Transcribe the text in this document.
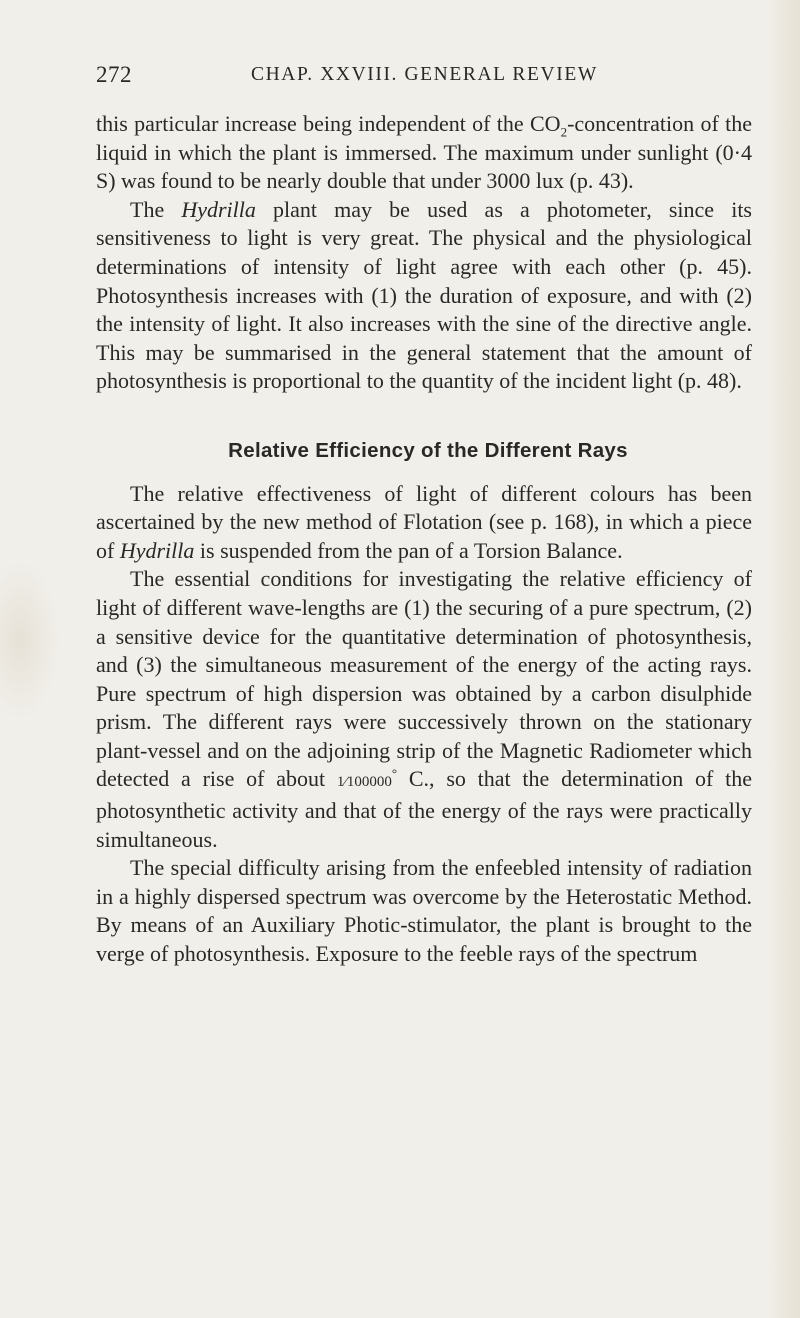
272	CHAP. XXVIII. GENERAL REVIEW

this particular increase being independent of the $CO_2$-concentration of the liquid in which the plant is immersed. The maximum under sunlight (0·4 S) was found to be nearly double that under 3000 lux (p. 43).

The Hydrilla plant may be used as a photometer, since its sensitiveness to light is very great. The physical and the physiological determinations of intensity of light agree with each other (p. 45). Photosynthesis increases with (1) the duration of exposure, and with (2) the intensity of light. It also increases with the sine of the directive angle. This may be summarised in the general statement that the amount of photosynthesis is proportional to the quantity of the incident light (p. 48).

Relative Efficiency of the Different Rays

The relative effectiveness of light of different colours has been ascertained by the new method of Flotation (see p. 168), in which a piece of Hydrilla is suspended from the pan of a Torsion Balance.

The essential conditions for investigating the relative efficiency of light of different wave-lengths are (1) the securing of a pure spectrum, (2) a sensitive device for the quantitative determination of photosynthesis, and (3) the simultaneous measurement of the energy of the acting rays. Pure spectrum of high dispersion was obtained by a carbon disulphide prism. The different rays were successively thrown on the stationary plant-vessel and on the adjoining strip of the Magnetic Radiometer which detected a rise of about 1⁄100000° C., so that the determination of the photosynthetic activity and that of the energy of the rays were practically simultaneous.

The special difficulty arising from the enfeebled intensity of radiation in a highly dispersed spectrum was overcome by the Heterostatic Method. By means of an Auxiliary Photic-stimulator, the plant is brought to the verge of photosynthesis. Exposure to the feeble rays of the spectrum
